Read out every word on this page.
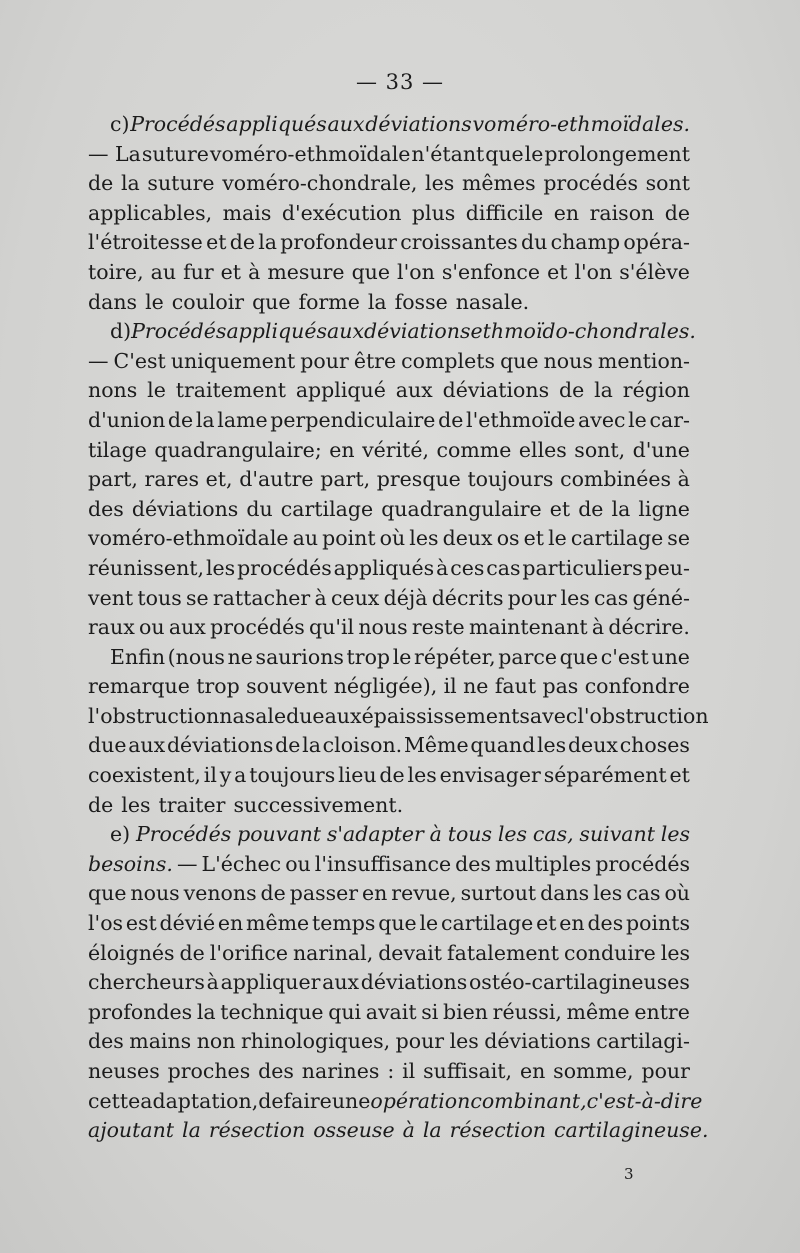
— 33 —
c) Procédés appliqués aux déviations voméro-ethmoïdales.
— La suture voméro-ethmoïdale n'étant que le prolongement
de la suture voméro-chondrale, les mêmes procédés sont
applicables, mais d'exécution plus difficile en raison de
l'étroitesse et de la profondeur croissantes du champ opéra-
toire, au fur et à mesure que l'on s'enfonce et l'on s'élève
dans le couloir que forme la fosse nasale.
d) Procédés appliqués aux déviations ethmoïdo-chondrales.
— C'est uniquement pour être complets que nous mention-
nons le traitement appliqué aux déviations de la région
d'union de la lame perpendiculaire de l'ethmoïde avec le car-
tilage quadrangulaire; en vérité, comme elles sont, d'une
part, rares et, d'autre part, presque toujours combinées à
des déviations du cartilage quadrangulaire et de la ligne
voméro-ethmoïdale au point où les deux os et le cartilage se
réunissent, les procédés appliqués à ces cas particuliers peu-
vent tous se rattacher à ceux déjà décrits pour les cas géné-
raux ou aux procédés qu'il nous reste maintenant à décrire.
Enfin (nous ne saurions trop le répéter, parce que c'est une
remarque trop souvent négligée), il ne faut pas confondre
l'obstruction nasale due aux épaississements avec l'obstruction
due aux déviations de la cloison. Même quand les deux choses
coexistent, il y a toujours lieu de les envisager séparément et
de les traiter successivement.
e) Procédés pouvant s'adapter à tous les cas, suivant les
besoins. — L'échec ou l'insuffisance des multiples procédés
que nous venons de passer en revue, surtout dans les cas où
l'os est dévié en même temps que le cartilage et en des points
éloignés de l'orifice narinal, devait fatalement conduire les
chercheurs à appliquer aux déviations ostéo-cartilagineuses
profondes la technique qui avait si bien réussi, même entre
des mains non rhinologiques, pour les déviations cartilagi-
neuses proches des narines : il suffisait, en somme, pour
cette adaptation, de faire une opération combinant, c'est-à-dire
ajoutant la résection osseuse à la résection cartilagineuse.
3
